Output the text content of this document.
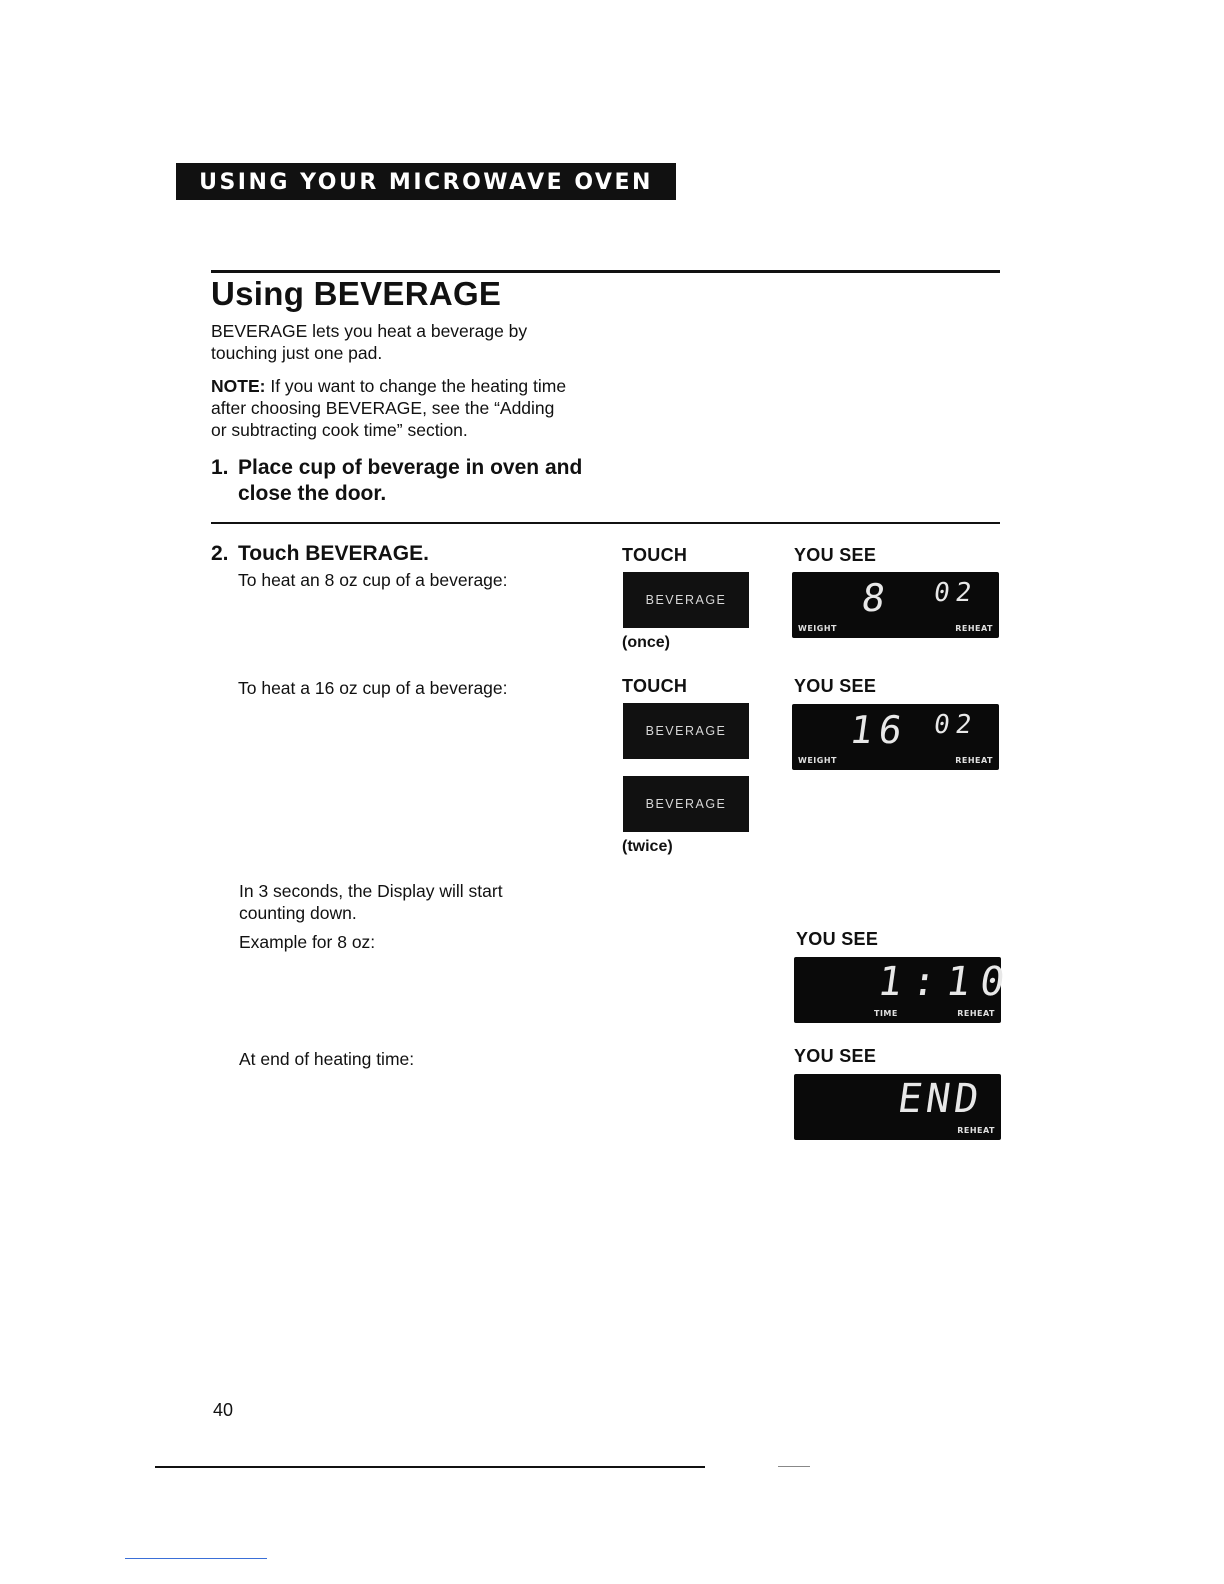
USING YOUR MICROWAVE OVEN
Using BEVERAGE
BEVERAGE lets you heat a beverage by touching just one pad.
NOTE: If you want to change the heating time after choosing BEVERAGE, see the “Adding or subtracting cook time” section.
1. Place cup of beverage in oven and close the door.
2. Touch BEVERAGE.
To heat an 8 oz cup of a beverage:
TOUCH	YOU SEE
BEVERAGE
(once)
8 02
WEIGHT	REHEAT
To heat a 16 oz cup of a beverage:	TOUCH	YOU SEE
BEVERAGE
BEVERAGE
(twice)
16 02
WEIGHT	REHEAT
In 3 seconds, the Display will start counting down.
Example for 8 oz:	YOU SEE
1:10
TIME	REHEAT
At end of heating time:	YOU SEE
END
REHEAT
40
